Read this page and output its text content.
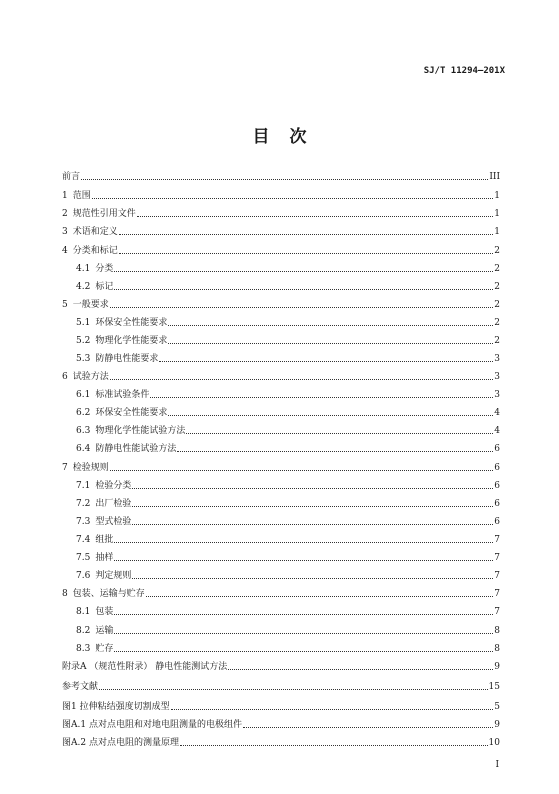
SJ/T 11294—201X
目次
前言	III
1 范围	1
2 规范性引用文件	1
3 术语和定义	1
4 分类和标记	2
4.1 分类	2
4.2 标记	2
5 一般要求	2
5.1 环保安全性能要求	2
5.2 物理化学性能要求	2
5.3 防静电性能要求	3
6 试验方法	3
6.1 标准试验条件	3
6.2 环保安全性能要求	4
6.3 物理化学性能试验方法	4
6.4 防静电性能试验方法	6
7 检验规则	6
7.1 检验分类	6
7.2 出厂检验	6
7.3 型式检验	6
7.4 组批	7
7.5 抽样	7
7.6 判定规则	7
8 包装、运输与贮存	7
8.1 包装	7
8.2 运输	8
8.3 贮存	8
附录A （规范性附录） 静电性能测试方法	9
参考文献	15
图1 拉伸粘结强度切割成型	5
图A.1 点对点电阻和对地电阻测量的电极组件	9
图A.2 点对点电阻的测量原理	10
I
